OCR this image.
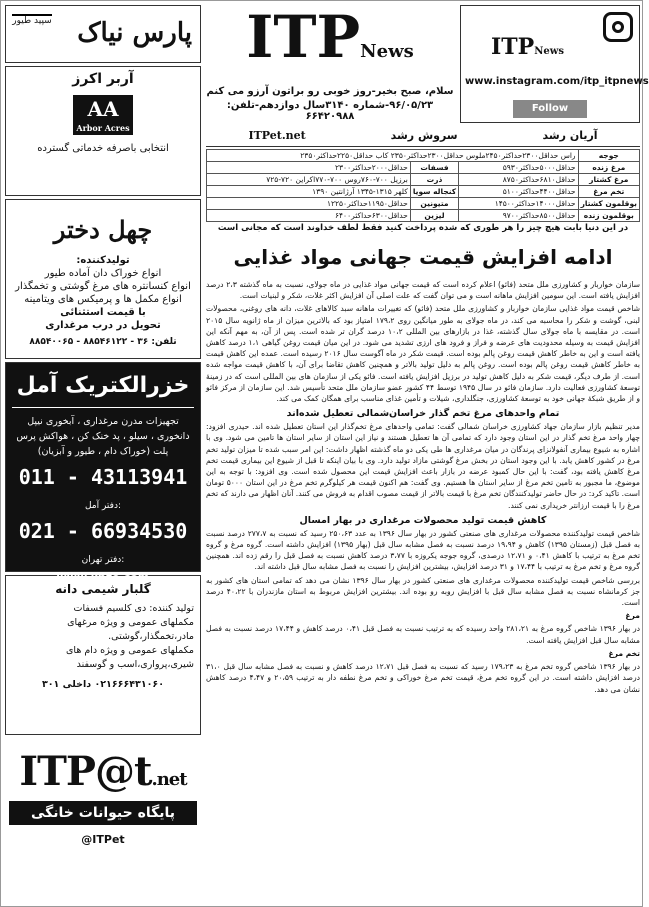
سپید طیور پارس نیاک
آربر اکرز
AA
Arbor Acres
انتخابی باصرفه خدماتی گسترده
چهل دختر
تولیدکننده:
انواع خوراک دان آماده طیور
انواع کنسانتره های مرغ گوشتی و تخمگذار
انواع مکمل ها و پرمیکس های ویتامینه
با قیمت استثنائی
تحویل در درب مرغداری
تلفن: ۳۶ - ۸۸۵۴۶۱۲۲ - ۸۸۵۴۰۰۶۵
خزرالکتریک آمل
تجهیزات مدرن مرغداری ، آبخوری نیپل دانخوری ، سیلو ، پد خنک کن ، هواکش پرس پلت (خوراک دام ، طیور و آبزیان)
011 - 43113941 دفتر آمل:
021 - 66934530 دفتر تهران:
www.khze.com
گلبار شیمی دانه
تولید کننده: دی کلسیم فسفات
مکملهای عمومی و ویژه مرغهای مادر،تخمگذار،گوشتی.
مکملهای عمومی و ویژه دام های شیری،پرواری،اسب و گوسفند
۰۲۱۶۶۶۴۳۱۰۶۰ داخلی ۳۰۱
ITP@t.net
پایگاه حیوانات خانگی
@ITPet
ITPNews
www.instagram.com/itp_itpnews
Follow
ITPNews
سلام، صبح بخیر-روز خوبی رو براتون آرزو می کنم
۹۶/۰۵/۲۳-شماره ۳۱۴۰سال دوازدهم-تلفن: ۶۶۴۲۰۹۸۸
آریان رشد
سروش رشد
ITPet.net
جوجه	راس حداقل۲۳۰۰حداکثر۲۴۵۰ملوس حداقل۲۳۰۰حداکثر۲۳۵۰ کاب حداقل۲۲۵۰حداکثر۲۳۵۰		
مرغ زنده	حداقل۵۰۰۰حداکثر۵۹۳۰	فسفات	حداقل۲۰۰۰حداکثر۲۳۰۰
مرغ کشتار	حداقل۶۸۱۰حداکثر۸۷۵۰	ذرت	برزیل ۷۰۰-۷۶۰روس ۷۰۰-۷۷۰اکراین ۷۲۰-۷۲۵
تخم مرغ	حداقل۴۴۰۰حداکثر۵۱۰۰	کنجاله سویا	کلهر ۱۳۱۵-۱۳۴۵ آرژانتین ۱۳۹۰
بوقلمون کشتار	حداقل۱۴۰۰۰حداکثر۱۴۵۰۰	متیونین	حداقل۱۱۹۵۰حداکثر۱۲۲۵۰
بوقلمون زنده	حداقل۸۵۰۰حداکثر۹۷۰۰	لیزین	حداقل۶۳۰۰حداکثر۶۴۰۰
در این دنیا بابت هیچ چیز را هر طوری که شده پرداخت کنید فقط لطف خداوند است که مجانی است
ادامه افزایش قیمت جهانی مواد غذایی

سازمان خواربار و کشاورزی ملل متحد (فائو) اعلام کرده است که قیمت جهانی مواد غذایی در ماه جولای، نسبت به ماه گذشته ۲،۳ درصد افزایش یافته است. این سومین افزایش ماهانه است و می توان گفت که علت اصلی آن افزایش اکثر غلات، شکر و لبنیات است.

شاخص قیمت مواد غذایی سازمان خواربار و کشاورزی ملل متحد (فائو) که تغییرات ماهانه سبد کالاهای غلات، دانه های روغنی، محصولات لبنی، گوشت و شکر را محاسبه می کند، در ماه جولای به طور میانگین روی ۱۷۹،۲ امتیاز بود که بالاترین میزان از ماه ژانویه سال ۲۰۱۵ است. در مقایسه با ماه جولای سال گذشته، غذا در بازارهای بین المللی ۱۰،۲ درصد گران تر شده است. پس از آن، به مهم آنکه این افزایش قیمت به وسیله محدودیت های عرضه و فراز و فرود های ارزی تشدید می شود. در این میان قیمت روغن گیاهی ۱،۱ درصد کاهش یافته است و این به خاطر کاهش قیمت روغن پالم بوده است. قیمت شکر در ماه آگوست سال ۲۰۱۶ رسیده است. عمده این کاهش قیمت به خاطر کاهش قیمت روغن پالم بوده است. روغن پالم به دلیل تولید بالاتر و همچنین کاهش تقاضا برای آن، با کاهش قیمت مواجه شده است. از طرف دیگر، قیمت شکر به دلیل کاهش تولید در برزیل افزایش یافته است. فائو یکی از سازمان های بین المللی است که در زمینهٔ توسعهٔ کشاورزی فعالیت دارد. سازمان فائو در سال ۱۹۴۵ توسط ۴۴ کشور عضو سازمان ملل متحد تأسیس شد. این سازمان از مرکز فائو و از طریق شبکهٔ جهانی خود به توسعهٔ کشاورزی، جنگلداری، شیلات و تأمین غذای مناسب برای همگان کمک می کند.

تمام واحدهای مرغ تخم گذار خراسان‌شمالی تعطیل شده‌اند

مدیر تنظیم بازار سازمان جهاد کشاورزی خراسان شمالی گفت: تمامی واحدهای مرغ تخم‌گذار این استان تعطیل شده اند. حیدری افزود: چهار واحد مرغ تخم گذار در این استان وجود دارد که تمامی آن ها تعطیل هستند و نیاز این استان از سایر استان ها تامین می شود. وی با اشاره به شیوع بیماری آنفولانزای پرندگان در میان مرغداری ها طی یکی دو ماه گذشته اظهار داشت: این امر سبب شده تا میزان تولید تخم مرغ در کشور کاهش یابد. با این وجود استان در بخش مرغ گوشتی مازاد تولید دارد. وی با بیان اینکه تا قبل از شیوع این بیماری قیمت تخم مرغ کاهش یافته بود، گفت: با این حال کمبود عرضه در بازار باعث افزایش قیمت این محصول شده است. وی افزود: با توجه به این موضوع، ما مجبور به تامین تخم مرغ از سایر استان ها هستیم. وی گفت: هم اکنون قیمت هر کیلوگرم تخم مرغ در این استان ۵۰۰۰ تومان است. تاکید کرد: در حال حاضر تولیدکنندگان تخم مرغ با قیمت بالاتر از قیمت مصوب اقدام به فروش می کنند. آنان اظهار می دارند که تخم مرغ را با قیمت ارزانتر خریداری نمی کنند.

کاهش قیمت تولید محصولات مرغداری در بهار امسال

شاخص قیمت تولیدکننده محصولات مرغداری های صنعتی کشور در بهار سال ۱۳۹۶ به عدد ۲۵۰،۶۳ رسید که نسبت به ۲۷۷،۷ درصد نسبت به فصل قبل (زمستان ۱۳۹۵) کاهش و ۱۹،۹۴ درصد نسبت به فصل مشابه سال قبل (بهار ۱۳۹۵) افزایش داشته است. گروه مرغ و گروه تخم مرغ به ترتیب با کاهش ۰،۴۱ و ۱۲،۷۱ درصدی، گروه جوجه یکروزه با ۳،۷۷ درصد کاهش نسبت به فصل قبل را رقم زده اند. همچنین گروه مرغ و تخم مرغ به ترتیب با ۱۷،۴۴ و ۳۱ درصد افزایش، بیشترین افزایش را نسبت به فصل مشابه سال قبل داشته اند.

بررسی شاخص قیمت تولیدکننده محصولات مرغداری های صنعتی کشور در بهار سال ۱۳۹۶ نشان می دهد که تمامی استان های کشور به جز کرمانشاه نسبت به فصل مشابه سال قبل با افزایش روبه رو بوده اند. بیشترین افزایش مربوط به استان مازندران با ۴۰،۲۲ درصد است.

مرغ

در بهار ۱۳۹۶ شاخص گروه مرغ به ۲۸۱،۲۱ واحد رسیده که به ترتیب نسبت به فصل قبل ۰،۴۱ درصد کاهش و ۱۷،۴۴ درصد نسبت به فصل مشابه سال قبل افزایش یافته است.

تخم مرغ

در بهار ۱۳۹۶ شاخص گروه تخم مرغ به ۱۷۹،۲۳ رسید که نسبت به فصل قبل ۱۲،۷۱ درصد کاهش و نسبت به فصل مشابه سال قبل ۳۱،۰ درصد افزایش داشته است. در این گروه تخم مرغ، قیمت تخم مرغ خوراکی و تخم مرغ نطفه دار به ترتیب ۲۰،۵۹ و ۴،۴۷ درصد کاهش نشان می دهد.
